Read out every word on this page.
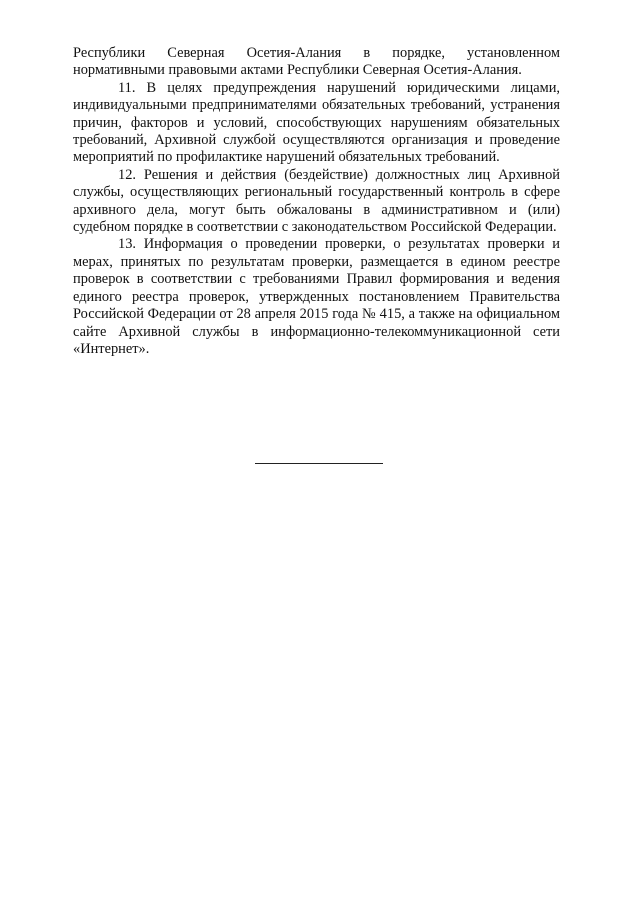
Республики Северная Осетия-Алания в порядке, установленном нормативными правовыми актами Республики Северная Осетия-Алания.

11. В целях предупреждения нарушений юридическими лицами, индивидуальными предпринимателями обязательных требований, устранения причин, факторов и условий, способствующих нарушениям обязательных требований, Архивной службой осуществляются организация и проведение мероприятий по профилактике нарушений обязательных требований.

12. Решения и действия (бездействие) должностных лиц Архивной службы, осуществляющих региональный государственный контроль в сфере архивного дела, могут быть обжалованы в административном и (или) судебном порядке в соответствии с законодательством Российской Федерации.

13. Информация о проведении проверки, о результатах проверки и мерах, принятых по результатам проверки, размещается в едином реестре проверок в соответствии с требованиями Правил формирования и ведения единого реестра проверок, утвержденных постановлением Правительства Российской Федерации от 28 апреля 2015 года № 415, а также на официальном сайте Архивной службы в информационно-телекоммуникационной сети «Интернет».
